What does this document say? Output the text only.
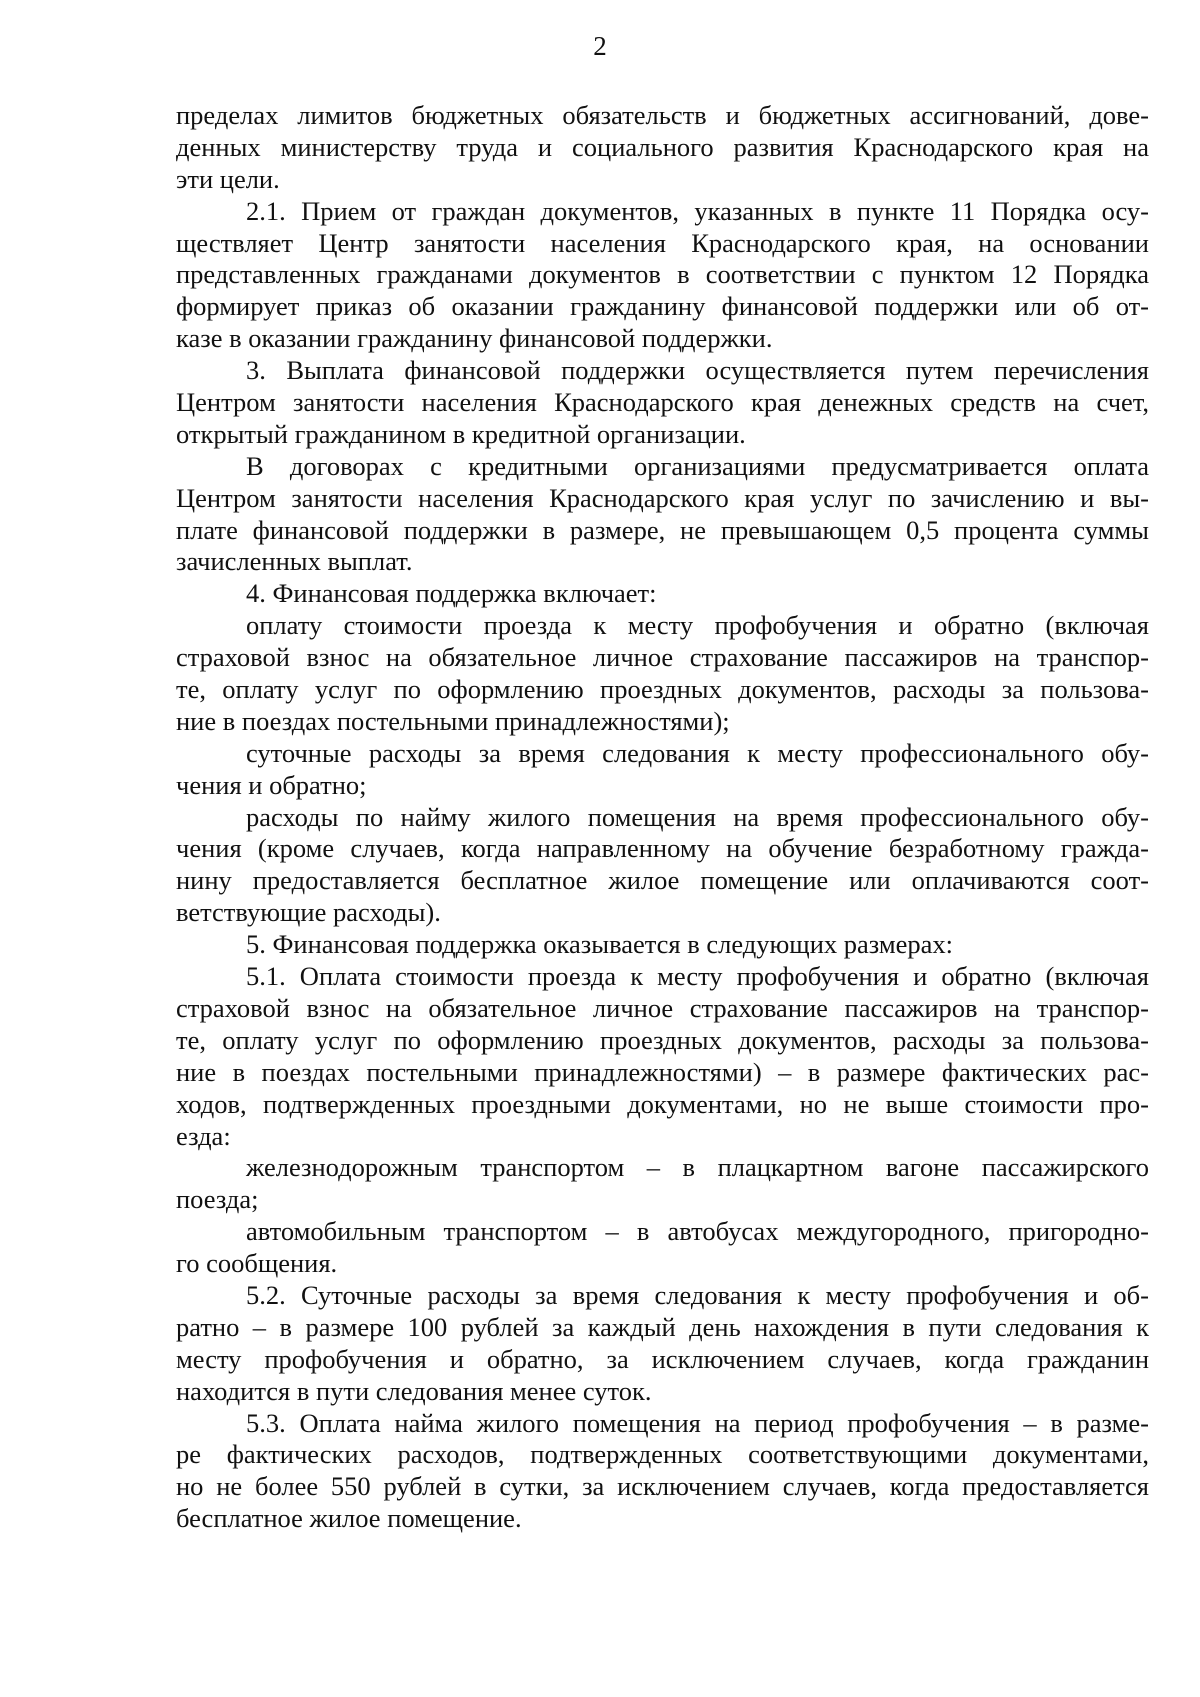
2
пределах лимитов бюджетных обязательств и бюджетных ассигнований, дове-
денных министерству труда и социального развития Краснодарского края на
эти цели.
2.1. Прием от граждан документов, указанных в пункте 11 Порядка осу-
ществляет Центр занятости населения Краснодарского края, на основании
представленных гражданами документов в соответствии с пунктом 12 Порядка
формирует приказ об оказании гражданину финансовой поддержки или об от-
казе в оказании гражданину финансовой поддержки.
3. Выплата финансовой поддержки осуществляется путем перечисления
Центром занятости населения Краснодарского края денежных средств на счет,
открытый гражданином в кредитной организации.
В договорах с кредитными организациями предусматривается оплата
Центром занятости населения Краснодарского края услуг по зачислению и вы-
плате финансовой поддержки в размере, не превышающем 0,5 процента суммы
зачисленных выплат.
4. Финансовая поддержка включает:
оплату стоимости проезда к месту профобучения и обратно (включая
страховой взнос на обязательное личное страхование пассажиров на транспор-
те, оплату услуг по оформлению проездных документов, расходы за пользова-
ние в поездах постельными принадлежностями);
суточные расходы за время следования к месту профессионального обу-
чения и обратно;
расходы по найму жилого помещения на время профессионального обу-
чения (кроме случаев, когда направленному на обучение безработному гражда-
нину предоставляется бесплатное жилое помещение или оплачиваются соот-
ветствующие расходы).
5. Финансовая поддержка оказывается в следующих размерах:
5.1. Оплата стоимости проезда к месту профобучения и обратно (включая
страховой взнос на обязательное личное страхование пассажиров на транспор-
те, оплату услуг по оформлению проездных документов, расходы за пользова-
ние в поездах постельными принадлежностями) – в размере фактических рас-
ходов, подтвержденных проездными документами, но не выше стоимости про-
езда:
железнодорожным транспортом – в плацкартном вагоне пассажирского
поезда;
автомобильным транспортом – в автобусах междугородного, пригородно-
го сообщения.
5.2. Суточные расходы за время следования к месту профобучения и об-
ратно – в размере 100 рублей за каждый день нахождения в пути следования к
месту профобучения и обратно, за исключением случаев, когда гражданин
находится в пути следования менее суток.
5.3. Оплата найма жилого помещения на период профобучения – в разме-
ре фактических расходов, подтвержденных соответствующими документами,
но не более 550 рублей в сутки, за исключением случаев, когда предоставляется
бесплатное жилое помещение.
